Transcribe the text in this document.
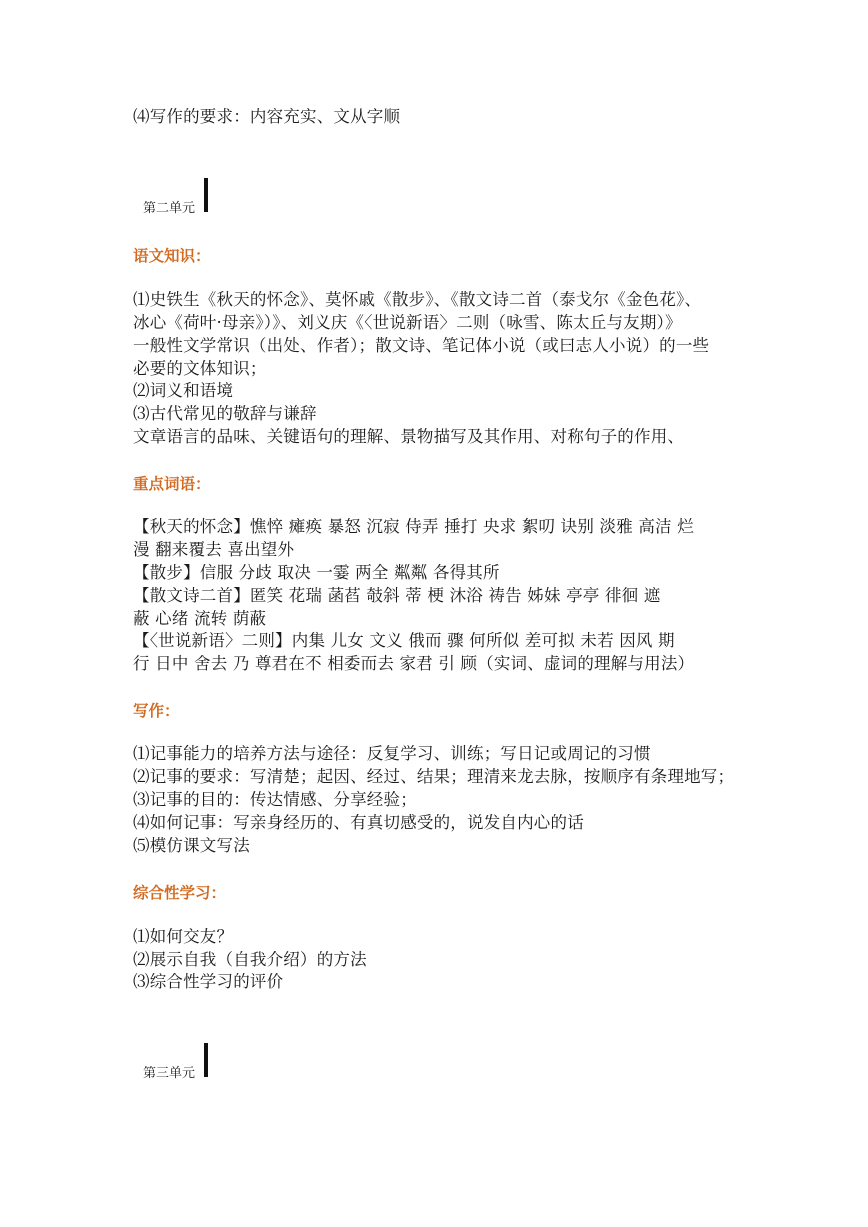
⑷写作的要求：内容充实、文从字顺
第二单元
语文知识：
⑴史铁生《秋天的怀念》、莫怀戚《散步》、《散文诗二首（泰戈尔《金色花》、
冰心《荷叶·母亲》）》、刘义庆《〈世说新语〉二则（咏雪、陈太丘与友期）》
一般性文学常识（出处、作者）；散文诗、笔记体小说（或曰志人小说）的一些
必要的文体知识；
⑵词义和语境
⑶古代常见的敬辞与谦辞
文章语言的品味、关键语句的理解、景物描写及其作用、对称句子的作用、
重点词语：
【秋天的怀念】憔悴 瘫痪 暴怒 沉寂 侍弄 捶打 央求 絮叨 诀别 淡雅 高洁 烂
漫 翻来覆去 喜出望外
【散步】信服 分歧 取决 一霎 两全 粼粼 各得其所
【散文诗二首】匿笑 花瑞 菡萏 攲斜 蒂 梗 沐浴 祷告 姊妹 亭亭 徘徊 遮
蔽 心绪 流转 荫蔽
【〈世说新语〉二则】内集 儿女 文义 俄而 骤 何所似 差可拟 未若 因风 期
行 日中 舍去 乃 尊君在不 相委而去 家君 引 顾（实词、虚词的理解与用法）
写作：
⑴记事能力的培养方法与途径：反复学习、训练；写日记或周记的习惯
⑵记事的要求：写清楚；起因、经过、结果；理清来龙去脉，按顺序有条理地写；
⑶记事的目的：传达情感、分享经验；
⑷如何记事：写亲身经历的、有真切感受的，说发自内心的话
⑸模仿课文写法
综合性学习：
⑴如何交友？
⑵展示自我（自我介绍）的方法
⑶综合性学习的评价
第三单元
